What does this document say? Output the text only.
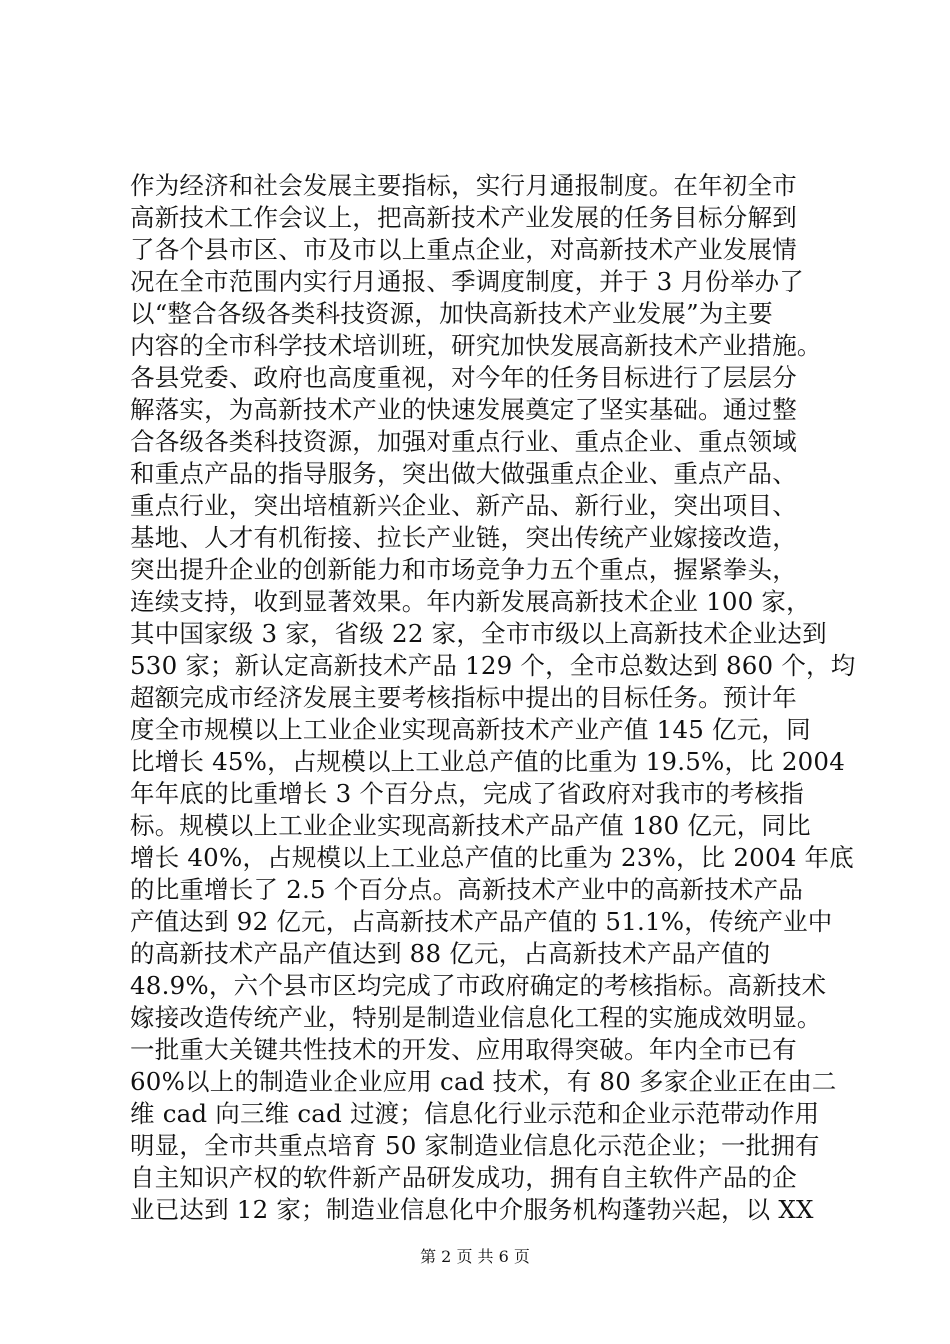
作为经济和社会发展主要指标，实行月通报制度。在年初全市
高新技术工作会议上，把高新技术产业发展的任务目标分解到
了各个县市区、市及市以上重点企业，对高新技术产业发展情
况在全市范围内实行月通报、季调度制度，并于 3 月份举办了
以“整合各级各类科技资源，加快高新技术产业发展”为主要
内容的全市科学技术培训班，研究加快发展高新技术产业措施。
各县党委、政府也高度重视，对今年的任务目标进行了层层分
解落实，为高新技术产业的快速发展奠定了坚实基础。通过整
合各级各类科技资源，加强对重点行业、重点企业、重点领域
和重点产品的指导服务，突出做大做强重点企业、重点产品、
重点行业，突出培植新兴企业、新产品、新行业，突出项目、
基地、人才有机衔接、拉长产业链，突出传统产业嫁接改造，
突出提升企业的创新能力和市场竞争力五个重点，握紧拳头，
连续支持，收到显著效果。年内新发展高新技术企业 100 家，
其中国家级 3 家，省级 22 家，全市市级以上高新技术企业达到
530 家；新认定高新技术产品 129 个，全市总数达到 860 个，均
超额完成市经济发展主要考核指标中提出的目标任务。预计年
度全市规模以上工业企业实现高新技术产业产值 145 亿元，同
比增长 45%，占规模以上工业总产值的比重为 19.5%，比 2004
年年底的比重增长 3 个百分点，完成了省政府对我市的考核指
标。规模以上工业企业实现高新技术产品产值 180 亿元，同比
增长 40%，占规模以上工业总产值的比重为 23%，比 2004 年底
的比重增长了 2.5 个百分点。高新技术产业中的高新技术产品
产值达到 92 亿元，占高新技术产品产值的 51.1%，传统产业中
的高新技术产品产值达到 88 亿元，占高新技术产品产值的
48.9%，六个县市区均完成了市政府确定的考核指标。高新技术
嫁接改造传统产业，特别是制造业信息化工程的实施成效明显。
一批重大关键共性技术的开发、应用取得突破。年内全市已有
60%以上的制造业企业应用 cad 技术，有 80 多家企业正在由二
维 cad 向三维 cad 过渡；信息化行业示范和企业示范带动作用
明显，全市共重点培育 50 家制造业信息化示范企业；一批拥有
自主知识产权的软件新产品研发成功，拥有自主软件产品的企
业已达到 12 家；制造业信息化中介服务机构蓬勃兴起，以 XX
第 2 页 共 6 页
